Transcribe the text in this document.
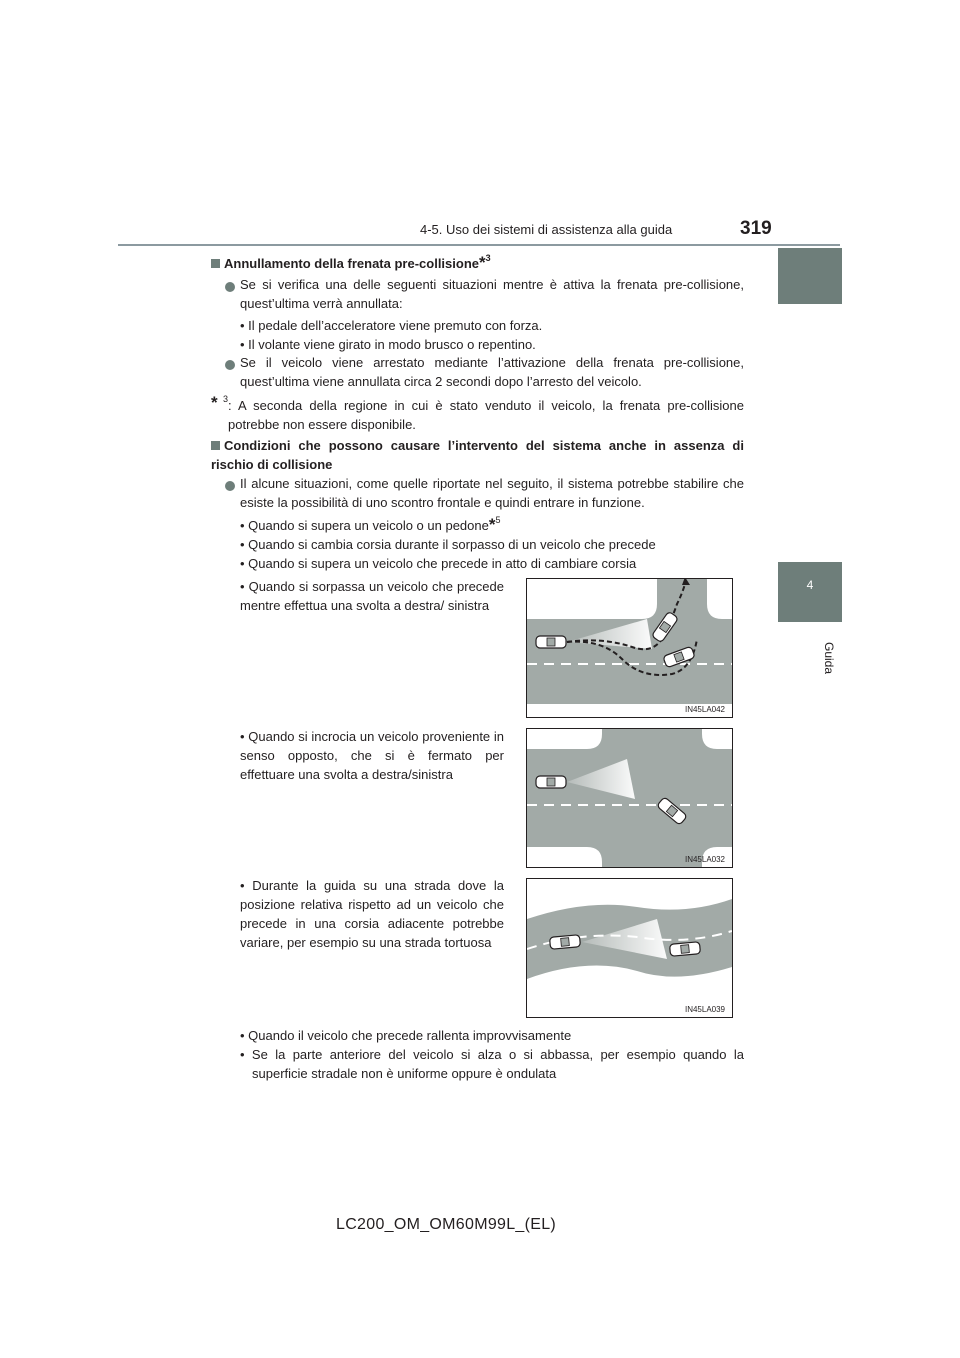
4-5. Uso dei sistemi di assistenza alla guida	319
4
Guida
Annullamento della frenata pre-collisione*$^3$
Se si verifica una delle seguenti situazioni mentre è attiva la frenata pre-collisione, quest’ultima verrà annullata:
• Il pedale dell’acceleratore viene premuto con forza.
• Il volante viene girato in modo brusco o repentino.
Se il veicolo viene arrestato mediante l’attivazione della frenata pre-collisione, quest’ultima viene annullata circa 2 secondi dopo l’arresto del veicolo.
* 3 : A seconda della regione in cui è stato venduto il veicolo, la frenata pre-collisione potrebbe non essere disponibile.
Condizioni che possono causare l’intervento del sistema anche in assenza di rischio di collisione
Il alcune situazioni, come quelle riportate nel seguito, il sistema potrebbe stabilire che esiste la possibilità di uno scontro frontale e quindi entrare in funzione.
• Quando si supera un veicolo o un pedone*$^5$
• Quando si cambia corsia durante il sorpasso di un veicolo che precede
• Quando si supera un veicolo che precede in atto di cambiare corsia
• Quando si sorpassa un veicolo che precede mentre effettua una svolta a destra/ sinistra
• Quando si incrocia un veicolo proveniente in senso opposto, che si è fermato per effettuare una svolta a destra/sinistra
• Durante la guida su una strada dove la posizione relativa rispetto ad un veicolo che precede in una corsia adiacente potrebbe variare, per esempio su una strada tortuosa
IN45LA042
IN45LA032
IN45LA039
• Quando il veicolo che precede rallenta improvvisamente
• Se la parte anteriore del veicolo si alza o si abbassa, per esempio quando la superficie stradale non è uniforme oppure è ondulata
LC200_OM_OM60M99L_(EL)
